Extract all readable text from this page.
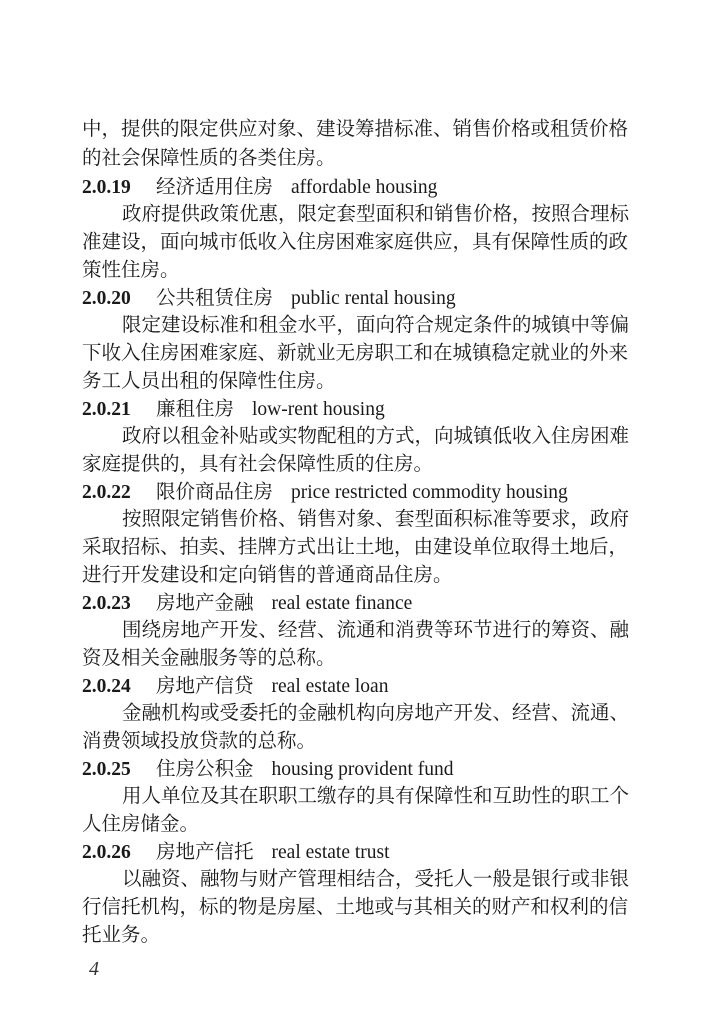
中，提供的限定供应对象、建设筹措标准、销售价格或租赁价格
的社会保障性质的各类住房。
2.0.19 经济适用住房 affordable housing
政府提供政策优惠，限定套型面积和销售价格，按照合理标
准建设，面向城市低收入住房困难家庭供应，具有保障性质的政
策性住房。
2.0.20 公共租赁住房 public rental housing
限定建设标准和租金水平，面向符合规定条件的城镇中等偏
下收入住房困难家庭、新就业无房职工和在城镇稳定就业的外来
务工人员出租的保障性住房。
2.0.21 廉租住房 low-rent housing
政府以租金补贴或实物配租的方式，向城镇低收入住房困难
家庭提供的，具有社会保障性质的住房。
2.0.22 限价商品住房 price restricted commodity housing
按照限定销售价格、销售对象、套型面积标准等要求，政府
采取招标、拍卖、挂牌方式出让土地，由建设单位取得土地后，
进行开发建设和定向销售的普通商品住房。
2.0.23 房地产金融 real estate finance
围绕房地产开发、经营、流通和消费等环节进行的筹资、融
资及相关金融服务等的总称。
2.0.24 房地产信贷 real estate loan
金融机构或受委托的金融机构向房地产开发、经营、流通、
消费领域投放贷款的总称。
2.0.25 住房公积金 housing provident fund
用人单位及其在职职工缴存的具有保障性和互助性的职工个
人住房储金。
2.0.26 房地产信托 real estate trust
以融资、融物与财产管理相结合，受托人一般是银行或非银
行信托机构，标的物是房屋、土地或与其相关的财产和权利的信
托业务。
4
